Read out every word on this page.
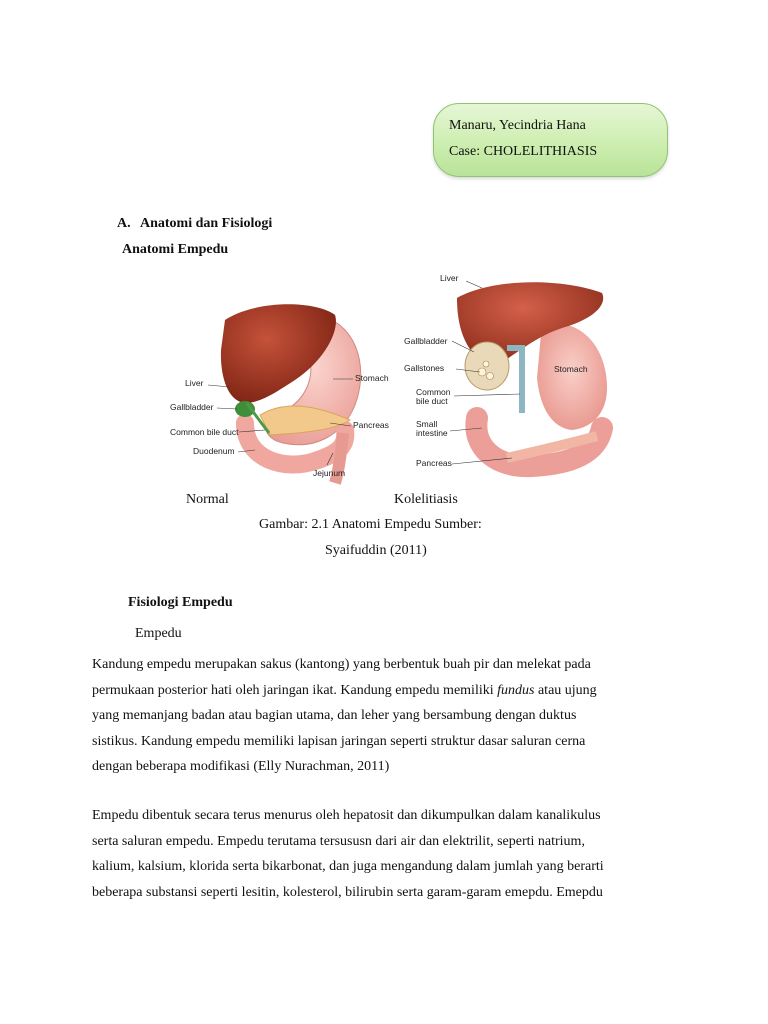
Manaru, Yecindria Hana
Case: CHOLELITHIASIS
A. Anatomi dan Fisiologi
Anatomi Empedu
Liver
Gallbladder
Common bile duct
Duodenum
Stomach
Pancreas
Jejunum
Liver
Gallbladder
Gallstones
Common
bile duct
Small
intestine
Pancreas
Stomach
Normal	Kolelitiasis
Gambar: 2.1 Anatomi Empedu Sumber:
Syaifuddin (2011)
Fisiologi Empedu
Empedu
Kandung empedu merupakan sakus (kantong) yang berbentuk buah pir dan melekat pada
permukaan posterior hati oleh jaringan ikat. Kandung empedu memiliki fundus atau ujung
yang memanjang badan atau bagian utama, dan leher yang bersambung dengan duktus
sistikus. Kandung empedu memiliki lapisan jaringan seperti struktur dasar saluran cerna
dengan beberapa modifikasi (Elly Nurachman, 2011)
Empedu dibentuk secara terus menurus oleh hepatosit dan dikumpulkan dalam kanalikulus
serta saluran empedu. Empedu terutama tersususn dari air dan elektrilit, seperti natrium,
kalium, kalsium, klorida serta bikarbonat, dan juga mengandung dalam jumlah yang berarti
beberapa substansi seperti lesitin, kolesterol, bilirubin serta garam-garam emepdu. Emepdu
